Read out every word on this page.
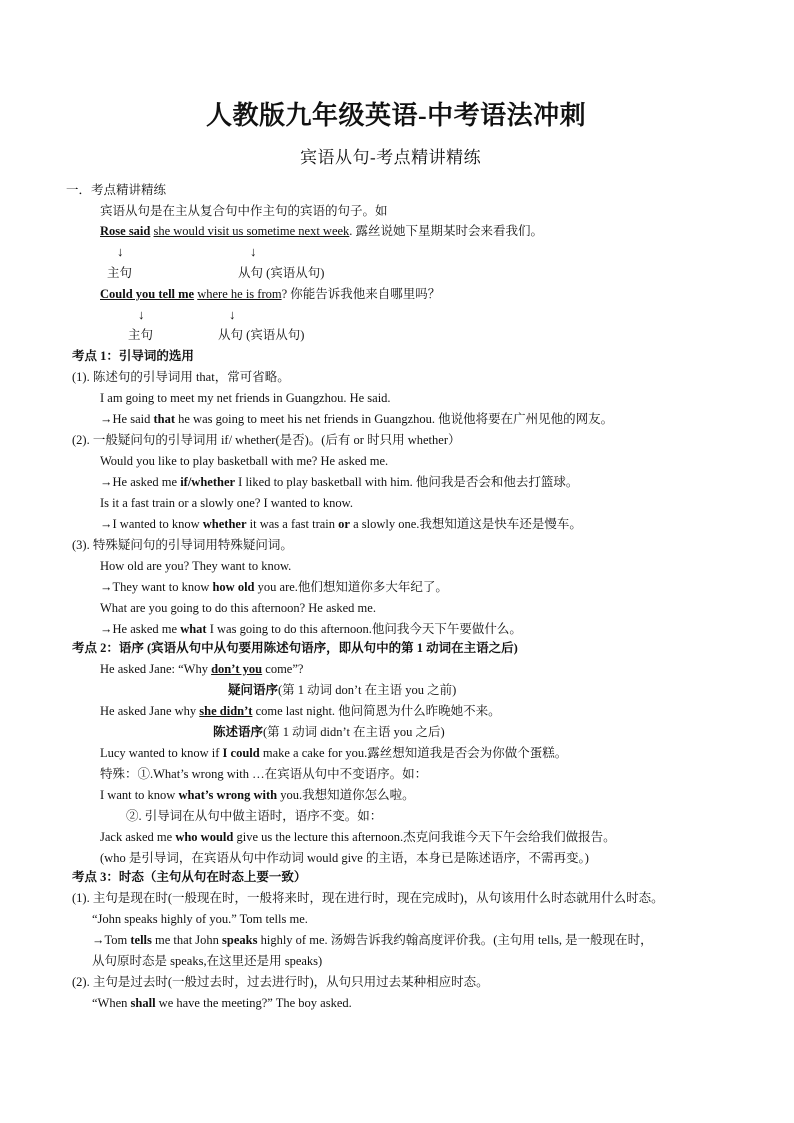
人教版九年级英语-中考语法冲刺
宾语从句-考点精讲精练
一．考点精讲精练
宾语从句是在主从复合句中作主句的宾语的句子。如
Rose said she would visit us sometime next week. 露丝说她下星期某时会来看我们。
↓	↓
主句	从句 (宾语从句)
Could you tell me where he is from? 你能告诉我他来自哪里吗？
↓	↓
主句	从句 (宾语从句)
考点 1：引导词的选用
(1). 陈述句的引导词用 that，常可省略。
I am going to meet my net friends in Guangzhou. He said.
→He said that he was going to meet his net friends in Guangzhou. 他说他将要在广州见他的网友。
(2). 一般疑问句的引导词用 if/ whether(是否)。(后有 or 时只用 whether）
Would you like to play basketball with me? He asked me.
→He asked me if/whether I liked to play basketball with him. 他问我是否会和他去打篮球。
Is it a fast train or a slowly one? I wanted to know.
→I wanted to know whether it was a fast train or a slowly one.我想知道这是快车还是慢车。
(3). 特殊疑问句的引导词用特殊疑问词。
How old are you? They want to know.
→They want to know how old you are.他们想知道你多大年纪了。
What are you going to do this afternoon? He asked me.
→He asked me what I was going to do this afternoon.他问我今天下午要做什么。
考点 2：语序 (宾语从句中从句要用陈述句语序，即从句中的第 1 动词在主语之后)
He asked Jane: “Why don’t you come”?
疑问语序(第 1 动词 don’t 在主语 you 之前)
He asked Jane why she didn’t come last night. 他问简恩为什么昨晚她不来。
陈述语序(第 1 动词 didn’t 在主语 you 之后)
Lucy wanted to know if I could make a cake for you.露丝想知道我是否会为你做个蛋糕。
特殊：①.What’s wrong with …在宾语从句中不变语序。如：
I want to know what’s wrong with you.我想知道你怎么啦。
②. 引导词在从句中做主语时，语序不变。如：
Jack asked me who would give us the lecture this afternoon.杰克问我谁今天下午会给我们做报告。
(who 是引导词，在宾语从句中作动词 would give 的主语，本身已是陈述语序，不需再变。)
考点 3：时态（主句从句在时态上要一致）
(1). 主句是现在时(一般现在时，一般将来时，现在进行时，现在完成时)，从句该用什么时态就用什么时态。
“John speaks highly of you.” Tom tells me.
→Tom tells me that John speaks highly of me. 汤姆告诉我约翰高度评价我。(主句用 tells, 是一般现在时，
从句原时态是 speaks,在这里还是用 speaks)
(2). 主句是过去时(一般过去时，过去进行时)，从句只用过去某种相应时态。
“When shall we have the meeting?” The boy asked.
